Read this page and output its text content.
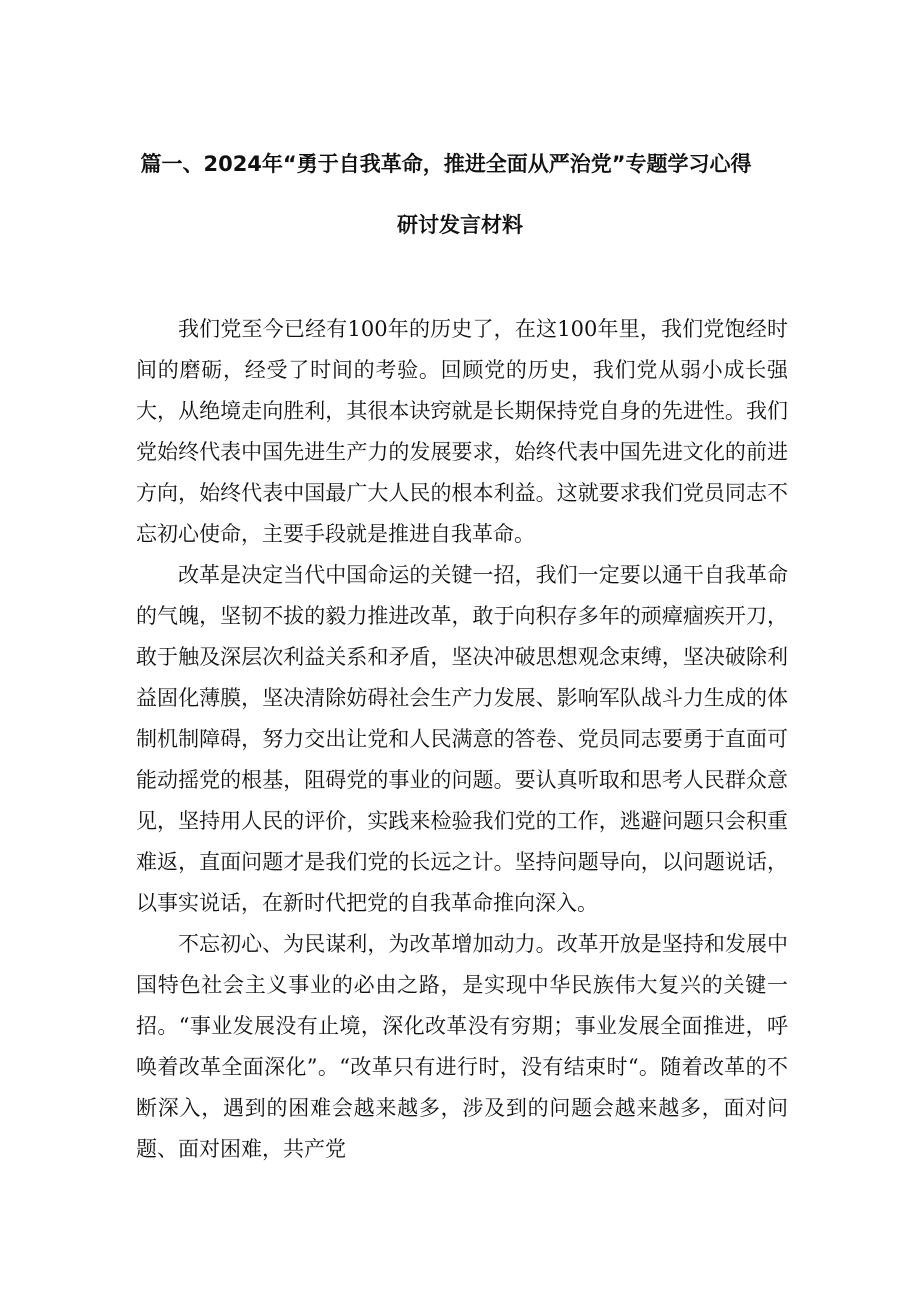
篇一、2024年“勇于自我革命，推进全面从严治党”专题学习心得
研讨发言材料

我们党至今已经有100年的历史了，在这100年里，我们党饱经时间的磨砺，经受了时间的考验。回顾党的历史，我们党从弱小成长强大，从绝境走向胜利，其很本诀窍就是长期保持党自身的先进性。我们党始终代表中国先进生产力的发展要求，始终代表中国先进文化的前进方向，始终代表中国最广大人民的根本利益。这就要求我们党员同志不忘初心使命，主要手段就是推进自我革命。

改革是决定当代中国命运的关键一招，我们一定要以通干自我革命的气魄，坚韧不拔的毅力推进改革，敢于向积存多年的顽瘴痼疾开刀，敢于触及深层次利益关系和矛盾，坚决冲破思想观念束缚，坚决破除利益固化薄膜，坚决清除妨碍社会生产力发展、影响军队战斗力生成的体制机制障碍，努力交出让党和人民满意的答卷、党员同志要勇于直面可能动摇党的根基，阻碍党的事业的问题。要认真听取和思考人民群众意见，坚持用人民的评价，实践来检验我们党的工作，逃避问题只会积重难返，直面问题才是我们党的长远之计。坚持问题导向，以问题说话，以事实说话，在新时代把党的自我革命推向深入。

不忘初心、为民谋利，为改革增加动力。改革开放是坚持和发展中国特色社会主义事业的必由之路，是实现中华民族伟大复兴的关键一招。“事业发展没有止境，深化改革没有穷期；事业发展全面推进，呼唤着改革全面深化”。“改革只有进行时，没有结束时“。随着改革的不断深入，遇到的困难会越来越多，涉及到的问题会越来越多，面对问题、面对困难，共产党
